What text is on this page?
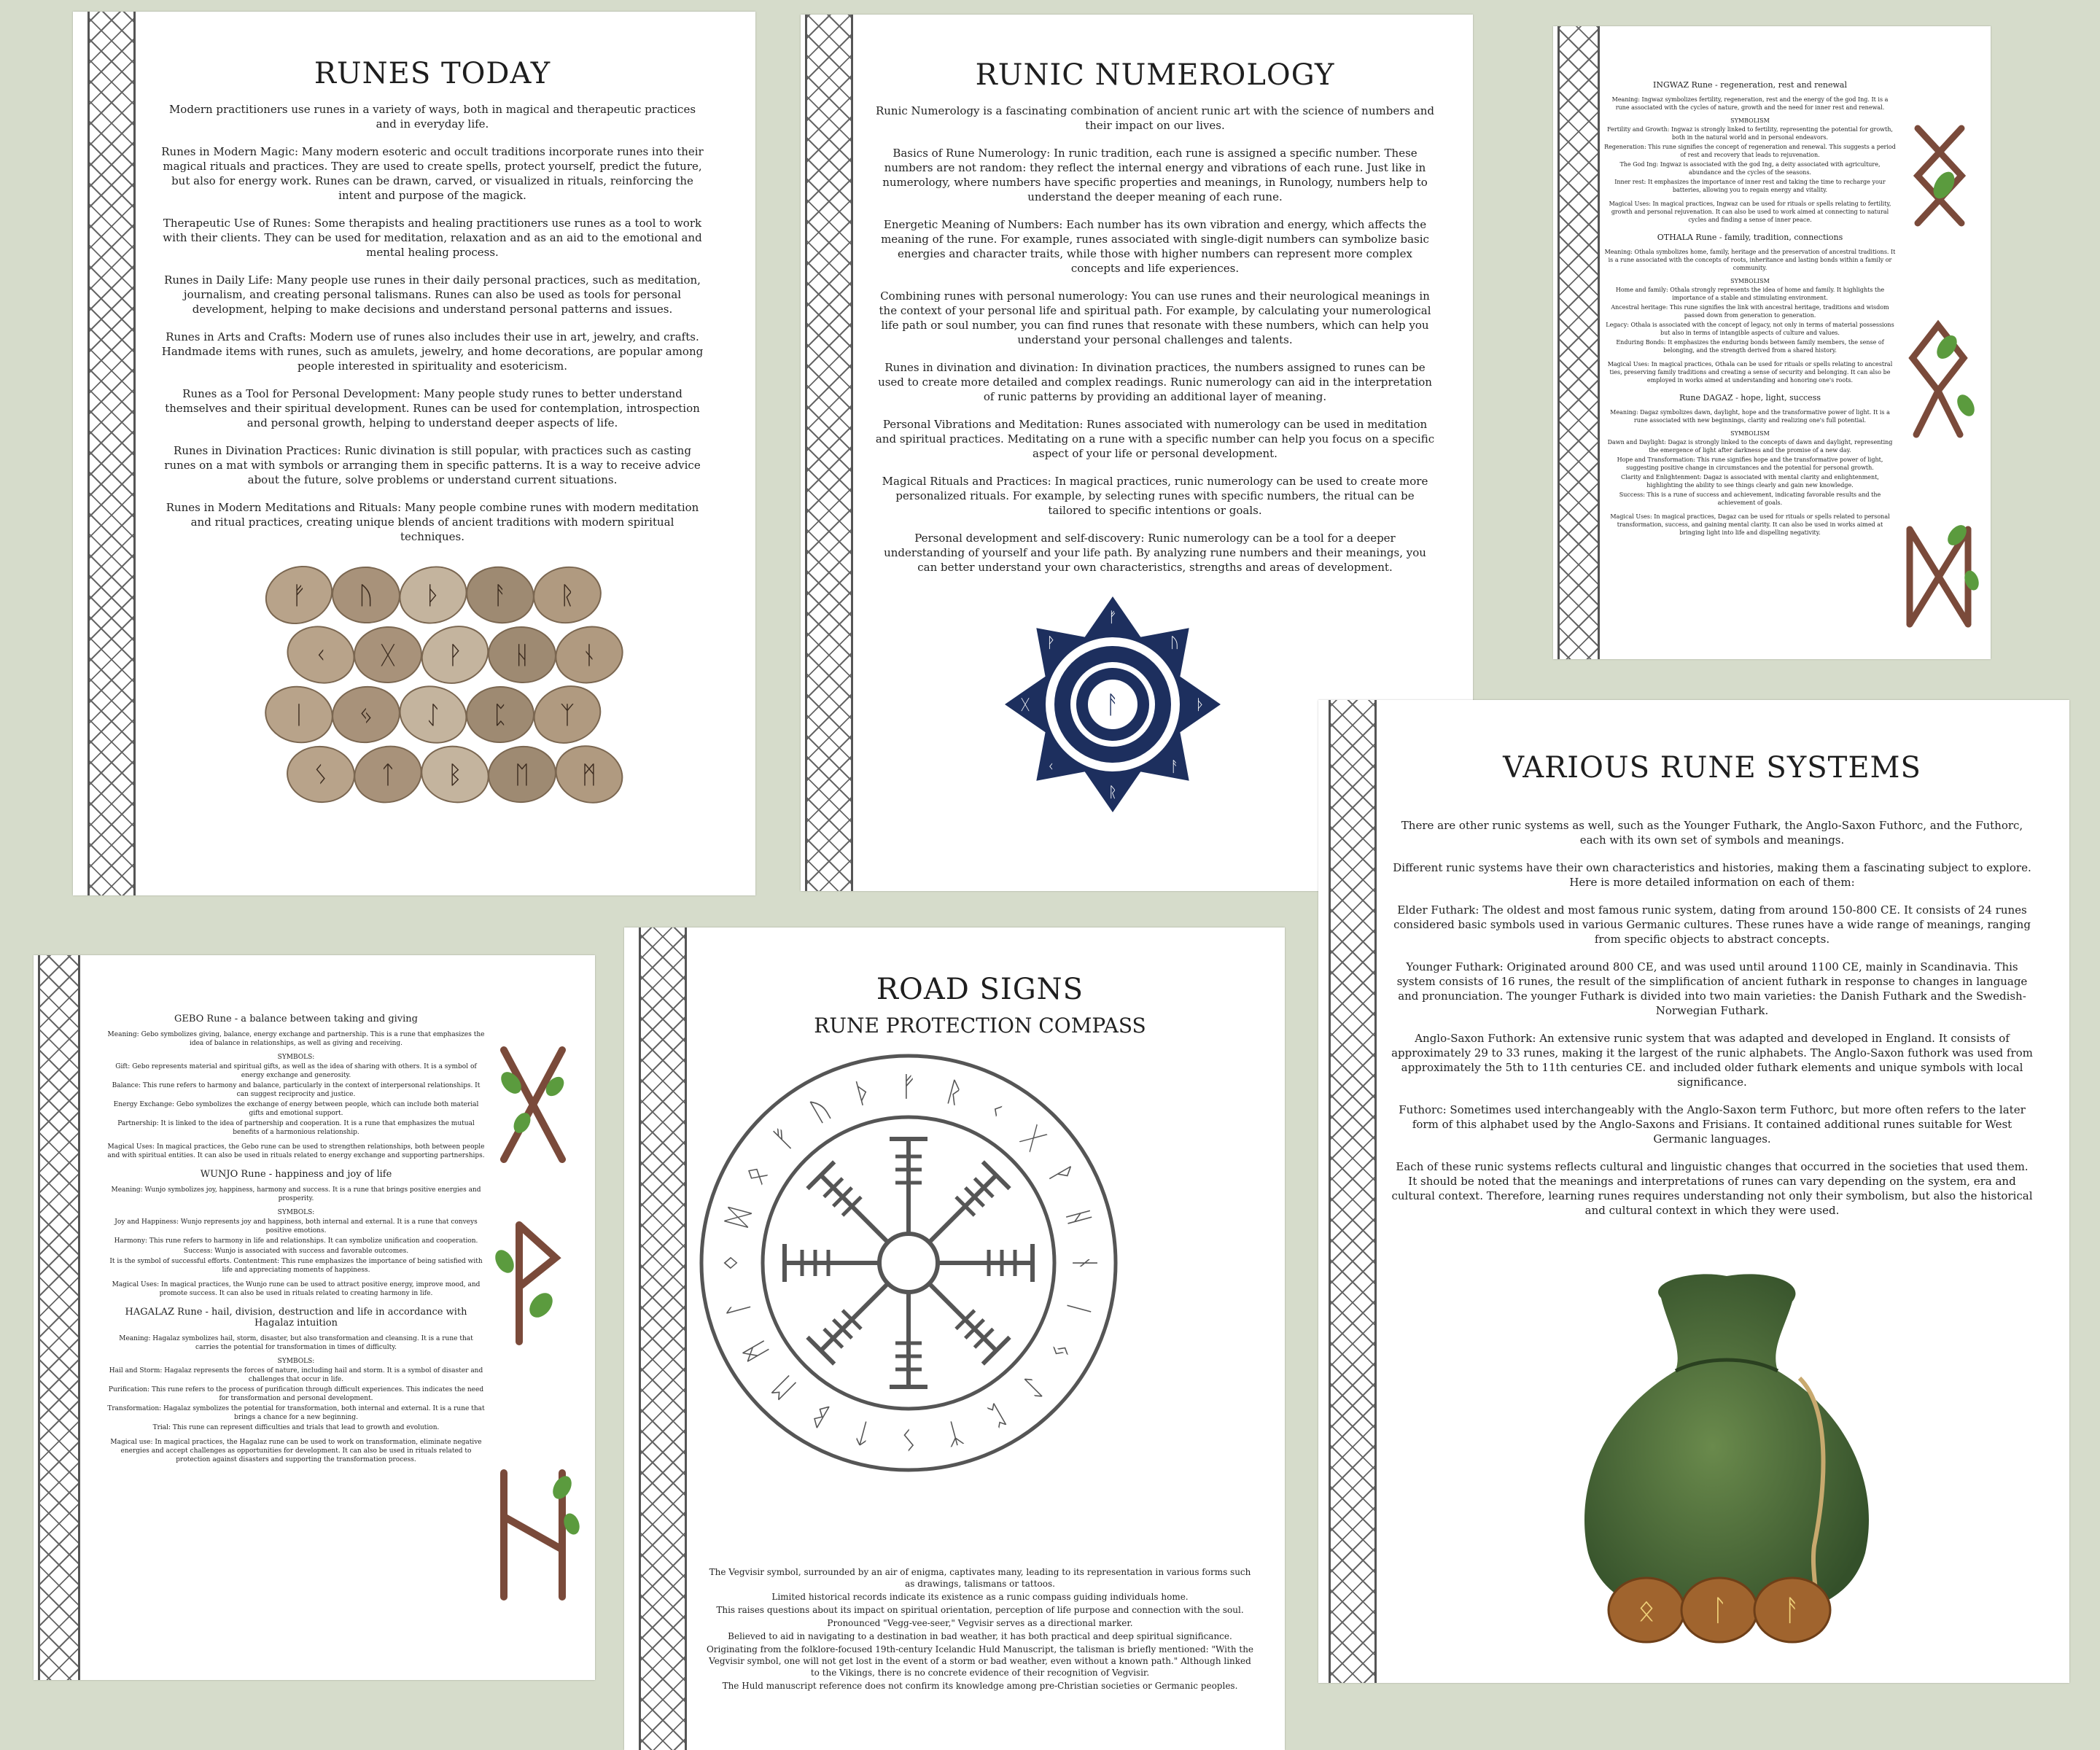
RUNES TODAY

Modern practitioners use runes in a variety of ways, both in magical and therapeutic practices and in everyday life.

Runes in Modern Magic: Many modern esoteric and occult traditions incorporate runes into their magical rituals and practices. They are used to create spells, protect yourself, predict the future, but also for energy work. Runes can be drawn, carved, or visualized in rituals, reinforcing the intent and purpose of the magick.

Therapeutic Use of Runes: Some therapists and healing practitioners use runes as a tool to work with their clients. They can be used for meditation, relaxation and as an aid to the emotional and mental healing process.

Runes in Daily Life: Many people use runes in their daily personal practices, such as meditation, journalism, and creating personal talismans. Runes can also be used as tools for personal development, helping to make decisions and understand personal patterns and issues.

Runes in Arts and Crafts: Modern use of runes also includes their use in art, jewelry, and crafts. Handmade items with runes, such as amulets, jewelry, and home decorations, are popular among people interested in spirituality and esotericism.

Runes as a Tool for Personal Development: Many people study runes to better understand themselves and their spiritual development. Runes can be used for contemplation, introspection and personal growth, helping to understand deeper aspects of life.

Runes in Divination Practices: Runic divination is still popular, with practices such as casting runes on a mat with symbols or arranging them in specific patterns. It is a way to receive advice about the future, solve problems or understand current situations.

Runes in Modern Meditations and Rituals: Many people combine runes with modern meditation and ritual practices, creating unique blends of ancient traditions with modern spiritual techniques.

ᚠ ᚢ ᚦ ᚨ ᚱ
ᚲ ᚷ ᚹ ᚺ ᚾ
ᛁ ᛃ ᛇ ᛈ ᛉ
ᛊ ᛏ ᛒ ᛖ ᛗ
RUNIC NUMEROLOGY

Runic Numerology is a fascinating combination of ancient runic art with the science of numbers and their impact on our lives.

Basics of Rune Numerology: In runic tradition, each rune is assigned a specific number. These numbers are not random: they reflect the internal energy and vibrations of each rune. Just like in numerology, where numbers have specific properties and meanings, in Runology, numbers help to understand the deeper meaning of each rune.

Energetic Meaning of Numbers: Each number has its own vibration and energy, which affects the meaning of the rune. For example, runes associated with single-digit numbers can symbolize basic energies and character traits, while those with higher numbers can represent more complex concepts and life experiences.

Combining runes with personal numerology: You can use runes and their neurological meanings in the context of your personal life and spiritual path. For example, by calculating your numerological life path or soul number, you can find runes that resonate with these numbers, which can help you understand your personal challenges and talents.

Runes in divination and divination: In divination practices, the numbers assigned to runes can be used to create more detailed and complex readings. Runic numerology can aid in the interpretation of runic patterns by providing an additional layer of meaning.

Personal Vibrations and Meditation: Runes associated with numerology can be used in meditation and spiritual practices. Meditating on a rune with a specific number can help you focus on a specific aspect of your life or personal development.

Magical Rituals and Practices: In magical practices, runic numerology can be used to create more personalized rituals. For example, by selecting runes with specific numbers, the ritual can be tailored to specific intentions or goals.

Personal development and self-discovery: Runic numerology can be a tool for a deeper understanding of yourself and your life path. By analyzing rune numbers and their meanings, you can better understand your own characteristics, strengths and areas of development.

ᚠ
ᚢ
ᚦ
ᚨ
ᚱ
ᚲ
ᚷ
ᚹ
ᚨ
INGWAZ Rune - regeneration, rest and renewal

Meaning: Ingwaz symbolizes fertility, regeneration, rest and the energy of the god Ing. It is a rune associated with the cycles of nature, growth and the need for inner rest and renewal.

SYMBOLISM

Fertility and Growth: Ingwaz is strongly linked to fertility, representing the potential for growth, both in the natural world and in personal endeavors.

Regeneration: This rune signifies the concept of regeneration and renewal. This suggests a period of rest and recovery that leads to rejuvenation.

The God Ing: Ingwaz is associated with the god Ing, a deity associated with agriculture, abundance and the cycles of the seasons.

Inner rest: It emphasizes the importance of inner rest and taking the time to recharge your batteries, allowing you to regain energy and vitality.

Magical Uses: In magical practices, Ingwaz can be used for rituals or spells relating to fertility, growth and personal rejuvenation. It can also be used to work aimed at connecting to natural cycles and finding a sense of inner peace.

OTHALA Rune - family, tradition, connections

Meaning: Othala symbolizes home, family, heritage and the preservation of ancestral traditions. It is a rune associated with the concepts of roots, inheritance and lasting bonds within a family or community.

SYMBOLISM

Home and family: Othala strongly represents the idea of home and family. It highlights the importance of a stable and stimulating environment.

Ancestral heritage: This rune signifies the link with ancestral heritage, traditions and wisdom passed down from generation to generation.

Legacy: Othala is associated with the concept of legacy, not only in terms of material possessions but also in terms of intangible aspects of culture and values.

Enduring Bonds: It emphasizes the enduring bonds between family members, the sense of belonging, and the strength derived from a shared history.

Magical Uses: In magical practices, Othala can be used for rituals or spells relating to ancestral ties, preserving family traditions and creating a sense of security and belonging. It can also be employed in works aimed at understanding and honoring one's roots.

Rune DAGAZ - hope, light, success

Meaning: Dagaz symbolizes dawn, daylight, hope and the transformative power of light. It is a rune associated with new beginnings, clarity and realizing one's full potential.

SYMBOLISM

Dawn and Daylight: Dagaz is strongly linked to the concepts of dawn and daylight, representing the emergence of light after darkness and the promise of a new day.

Hope and Transformation: This rune signifies hope and the transformative power of light, suggesting positive change in circumstances and the potential for personal growth.

Clarity and Enlightenment: Dagaz is associated with mental clarity and enlightenment, highlighting the ability to see things clearly and gain new knowledge.

Success: This is a rune of success and achievement, indicating favorable results and the achievement of goals.

Magical Uses: In magical practices, Dagaz can be used for rituals or spells related to personal transformation, success, and gaining mental clarity. It can also be used in works aimed at bringing light into life and dispelling negativity.

VARIOUS RUNE SYSTEMS

There are other runic systems as well, such as the Younger Futhark, the Anglo-Saxon Futhorc, and the Futhorc, each with its own set of symbols and meanings.

Different runic systems have their own characteristics and histories, making them a fascinating subject to explore. Here is more detailed information on each of them:

Elder Futhark: The oldest and most famous runic system, dating from around 150-800 CE. It consists of 24 runes considered basic symbols used in various Germanic cultures. These runes have a wide range of meanings, ranging from specific objects to abstract concepts.

Younger Futhark: Originated around 800 CE, and was used until around 1100 CE, mainly in Scandinavia. This system consists of 16 runes, the result of the simplification of ancient futhark in response to changes in language and pronunciation. The younger Futhark is divided into two main varieties: the Danish Futhark and the Swedish-Norwegian Futhark.

Anglo-Saxon Futhork: An extensive runic system that was adapted and developed in England. It consists of approximately 29 to 33 runes, making it the largest of the runic alphabets. The Anglo-Saxon futhork was used from approximately the 5th to 11th centuries CE. and included older futhark elements and unique symbols with local significance.

Futhorc: Sometimes used interchangeably with the Anglo-Saxon term Futhorc, but more often refers to the later form of this alphabet used by the Anglo-Saxons and Frisians. It contained additional runes suitable for West Germanic languages.

Each of these runic systems reflects cultural and linguistic changes that occurred in the societies that used them. It should be noted that the meanings and interpretations of runes can vary depending on the system, era and cultural context. Therefore, learning runes requires understanding not only their symbolism, but also the historical and cultural context in which they were used.

ᛟ ᛚ ᚨ
GEBO Rune - a balance between taking and giving

Meaning: Gebo symbolizes giving, balance, energy exchange and partnership. This is a rune that emphasizes the idea of balance in relationships, as well as giving and receiving.

SYMBOLS:

Gift: Gebo represents material and spiritual gifts, as well as the idea of sharing with others. It is a symbol of energy exchange and generosity.

Balance: This rune refers to harmony and balance, particularly in the context of interpersonal relationships. It can suggest reciprocity and justice.

Energy Exchange: Gebo symbolizes the exchange of energy between people, which can include both material gifts and emotional support.

Partnership: It is linked to the idea of partnership and cooperation. It is a rune that emphasizes the mutual benefits of a harmonious relationship.

Magical Uses: In magical practices, the Gebo rune can be used to strengthen relationships, both between people and with spiritual entities. It can also be used in rituals related to energy exchange and supporting partnerships.

WUNJO Rune - happiness and joy of life

Meaning: Wunjo symbolizes joy, happiness, harmony and success. It is a rune that brings positive energies and prosperity.

SYMBOLS:

Joy and Happiness: Wunjo represents joy and happiness, both internal and external. It is a rune that conveys positive emotions.

Harmony: This rune refers to harmony in life and relationships. It can symbolize unification and cooperation.

Success: Wunjo is associated with success and favorable outcomes.

It is the symbol of successful efforts. Contentment: This rune emphasizes the importance of being satisfied with life and appreciating moments of happiness.

Magical Uses: In magical practices, the Wunjo rune can be used to attract positive energy, improve mood, and promote success. It can also be used in rituals related to creating harmony in life.

HAGALAZ Rune - hail, division, destruction and life in accordance with Hagalaz intuition

Meaning: Hagalaz symbolizes hail, storm, disaster, but also transformation and cleansing. It is a rune that carries the potential for transformation in times of difficulty.

SYMBOLS:

Hail and Storm: Hagalaz represents the forces of nature, including hail and storm. It is a symbol of disaster and challenges that occur in life.

Purification: This rune refers to the process of purification through difficult experiences. This indicates the need for transformation and personal development.

Transformation: Hagalaz symbolizes the potential for transformation, both internal and external. It is a rune that brings a chance for a new beginning.

Trial: This rune can represent difficulties and trials that lead to growth and evolution.

Magical use: In magical practices, the Hagalaz rune can be used to work on transformation, eliminate negative energies and accept challenges as opportunities for development. It can also be used in rituals related to protection against disasters and supporting the transformation process.

ROAD SIGNS
RUNE PROTECTION COMPASS
ᚠ ᚱ ᚲ
ᚷ
ᚹ
ᚺ
ᚾ
ᛁ
ᛃ
ᛇ
ᛈ
ᛉ
ᛊ
ᛏ
ᛒ
ᛖ
ᛗ
ᛚ
ᛜ
ᛞ
ᛟ
ᚠ
ᚢ ᚦ

The Vegvisir symbol, surrounded by an air of enigma, captivates many, leading to its representation in various forms such as drawings, talismans or tattoos.

Limited historical records indicate its existence as a runic compass guiding individuals home.

This raises questions about its impact on spiritual orientation, perception of life purpose and connection with the soul.

Pronounced "Vegg-vee-seer," Vegvisir serves as a directional marker.

Believed to aid in navigating to a destination in bad weather, it has both practical and deep spiritual significance.

Originating from the folklore-focused 19th-century Icelandic Huld Manuscript, the talisman is briefly mentioned: "With the Vegvisir symbol, one will not get lost in the event of a storm or bad weather, even without a known path." Although linked to the Vikings, there is no concrete evidence of their recognition of Vegvisir.

The Huld manuscript reference does not confirm its knowledge among pre-Christian societies or Germanic peoples.
